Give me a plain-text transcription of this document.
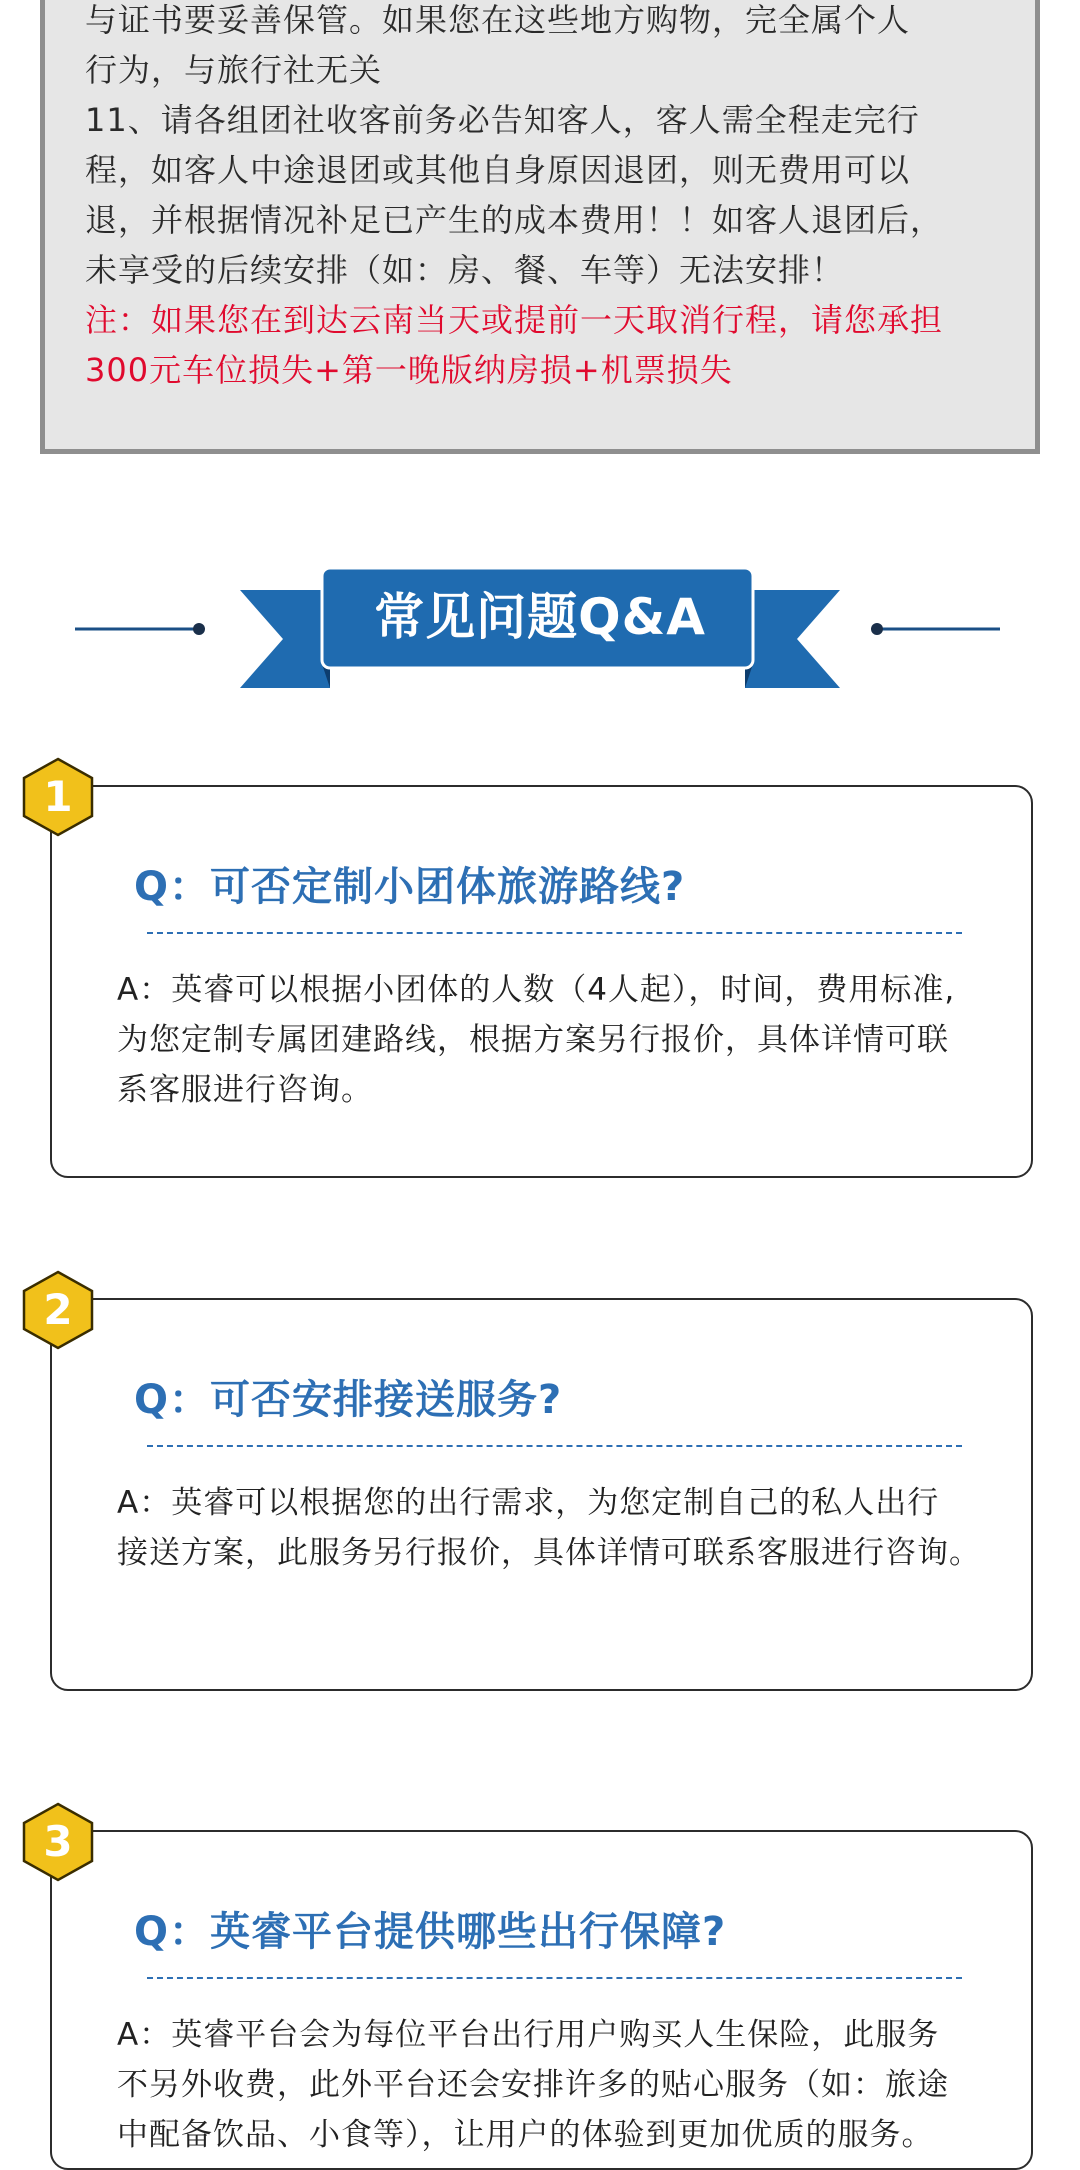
与证书要妥善保管。如果您在这些地方购物，完全属个人

行为，与旅行社无关

11、请各组团社收客前务必告知客人，客人需全程走完行

程，如客人中途退团或其他自身原因退团，则无费用可以

退，并根据情况补足已产生的成本费用！！如客人退团后，

未享受的后续安排（如：房、餐、车等）无法安排！

注：如果您在到达云南当天或提前一天取消行程，请您承担

300元车位损失+第一晚版纳房损+机票损失

常见问题Q&A
Q：可否定制小团体旅游路线?
A：英睿可以根据小团体的人数（4人起），时间，费用标准,
为您定制专属团建路线，根据方案另行报价，具体详情可联
系客服进行咨询。
1
Q：可否安排接送服务?
A：英睿可以根据您的出行需求，为您定制自己的私人出行
接送方案，此服务另行报价，具体详情可联系客服进行咨询。
2
Q：英睿平台提供哪些出行保障?
A：英睿平台会为每位平台出行用户购买人生保险，此服务
不另外收费，此外平台还会安排许多的贴心服务（如：旅途
中配备饮品、小食等），让用户的体验到更加优质的服务。
3
